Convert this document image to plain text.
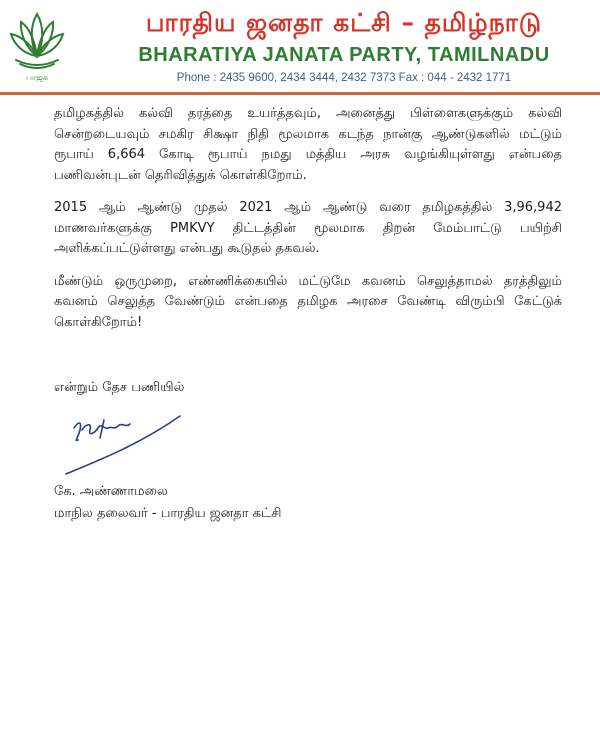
பாஜக
பாரதிய ஜனதா கட்சி – தமிழ்நாடு
BHARATIYA JANATA PARTY, TAMILNADU
Phone : 2435 9600, 2434 3444, 2432 7373 Fax : 044 - 2432 1771

தமிழகத்தில் கல்வி தரத்தை உயர்த்தவும், அனைத்து பிள்ளைகளுக்கும் கல்வி சென்றடையவும் சமகிர சிக்ஷா நிதி மூலமாக கடந்த நான்கு ஆண்டுகளில் மட்டும் ரூபாய் 6,664 கோடி ரூபாய் நமது மத்திய அரசு வழங்கியுள்ளது என்பதை பணிவன்புடன் தெரிவித்துக் கொள்கிறோம்.

2015 ஆம் ஆண்டு முதல் 2021 ஆம் ஆண்டு வரை தமிழகத்தில் 3,96,942 மாணவர்களுக்கு PMKVY திட்டத்தின் மூலமாக திறன் மேம்பாட்டு பயிற்சி அளிக்கப்பட்டுள்ளது என்பது கூடுதல் தகவல்.

மீண்டும் ஒருமுறை, எண்ணிக்கையில் மட்டுமே கவனம் செலுத்தாமல் தரத்திலும் கவனம் செலுத்த வேண்டும் என்பதை தமிழக அரசை வேண்டி விரும்பி கேட்டுக் கொள்கிறோம்!

என்றும் தேச பணியில்
கே. அண்ணாமலை
மாநில தலைவர் - பாரதிய ஜனதா கட்சி
